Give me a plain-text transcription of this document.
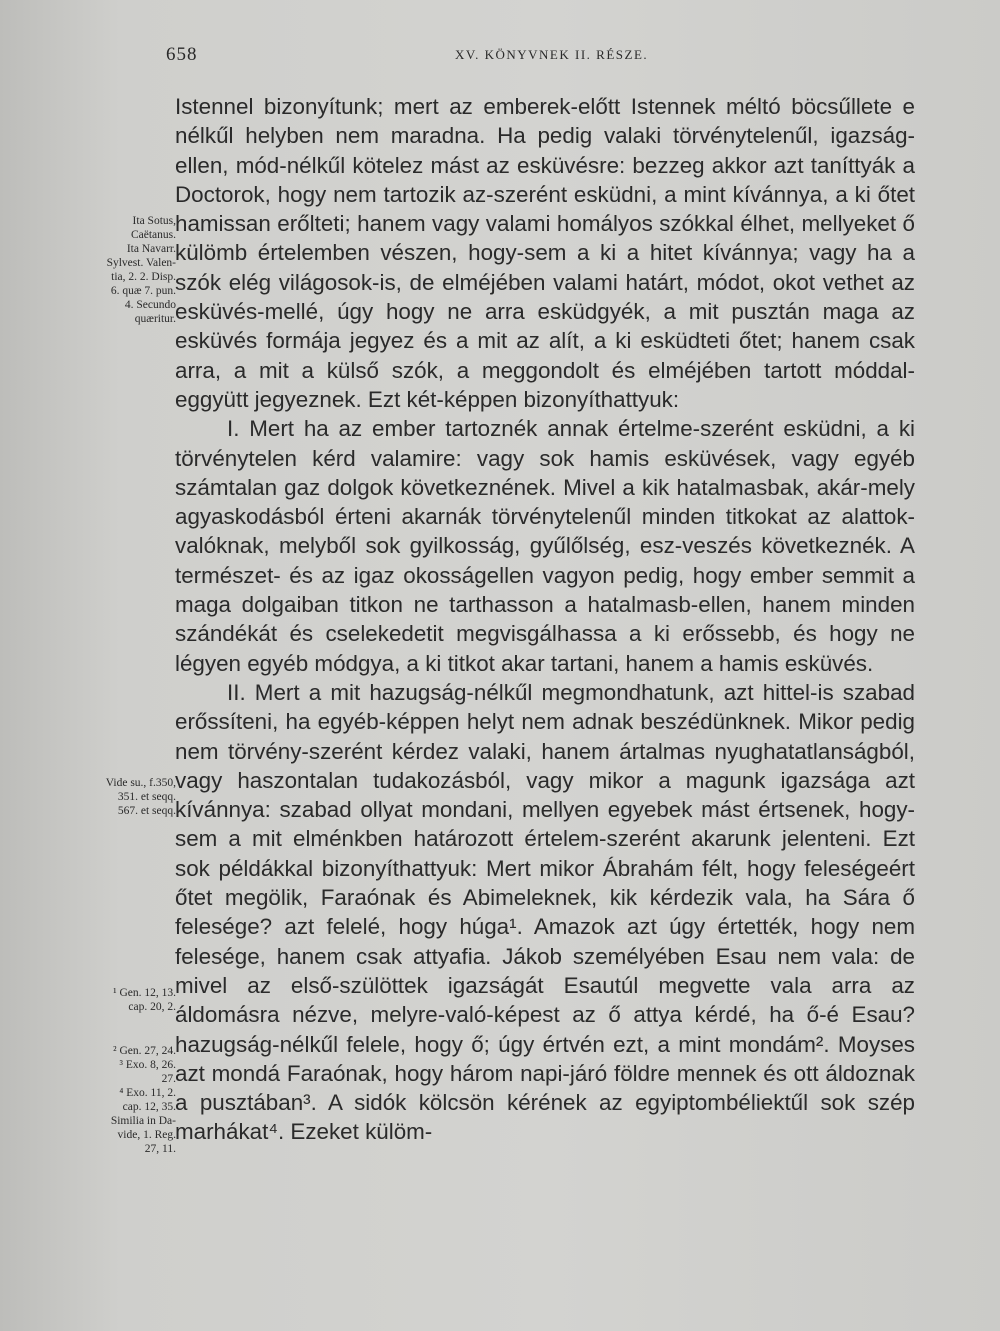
658	XV. KÖNYVNEK II. RÉSZE.

Istennel bizonyítunk; mert az emberek-előtt Istennek méltó böcsűllete e nélkűl helyben nem maradna. Ha pedig valaki törvénytelenűl, igazság-ellen, mód-nélkűl kötelez mást az esküvésre: bezzeg akkor azt taníttyák a Doctorok, hogy nem tartozik az-szerént esküdni, a mint kívánnya, a ki őtet hamissan erőlteti; hanem vagy valami homályos szókkal élhet, mellyeket ő külömb értelemben vészen, hogy-sem a ki a hitet kívánnya; vagy ha a szók elég világosok-is, de elméjében valami határt, módot, okot vethet az esküvés-mellé, úgy hogy ne arra esküdgyék, a mit pusztán maga az esküvés formája jegyez és a mit az alít, a ki esküdteti őtet; hanem csak arra, a mit a külső szók, a meggondolt és elméjében tartott móddal-eggyütt jegyeznek. Ezt két-képpen bizonyíthattyuk:

I. Mert ha az ember tartoznék annak értelme-szerént esküdni, a ki törvénytelen kérd valamire: vagy sok hamis esküvések, vagy egyéb számtalan gaz dolgok következnének. Mivel a kik hatalmasbak, akár-mely agyaskodásból érteni akarnák törvénytelenűl minden titkokat az alattok-valóknak, melyből sok gyilkosság, gyűlőlség, esz-veszés következnék. A természet- és az igaz okosságellen vagyon pedig, hogy ember semmit a maga dolgaiban titkon ne tarthasson a hatalmasb-ellen, hanem minden szándékát és cselekedetit megvisgálhassa a ki erőssebb, és hogy ne légyen egyéb módgya, a ki titkot akar tartani, hanem a hamis esküvés.

II. Mert a mit hazugság-nélkűl megmondhatunk, azt hittel-is szabad erőssíteni, ha egyéb-képpen helyt nem adnak beszédünknek. Mikor pedig nem törvény-szerént kérdez valaki, hanem ártalmas nyughatatlanságból, vagy haszontalan tudakozásból, vagy mikor a magunk igazsága azt kívánnya: szabad ollyat mondani, mellyen egyebek mást értsenek, hogy-sem a mit elménkben határozott értelem-szerént akarunk jelenteni. Ezt sok példákkal bizonyíthattyuk: Mert mikor Ábrahám félt, hogy feleségeért őtet megölik, Faraónak és Abimeleknek, kik kérdezik vala, ha Sára ő felesége? azt felelé, hogy húga¹. Amazok azt úgy értették, hogy nem felesége, hanem csak attyafia. Jákob személyében Esau nem vala: de mivel az első-szülöttek igazságát Esautúl megvette vala arra az áldomásra nézve, melyre-való-képest az ő attya kérdé, ha ő-é Esau? hazugság-nélkűl felele, hogy ő; úgy értvén ezt, a mint mondám². Moyses azt mondá Faraónak, hogy három napi-járó földre mennek és ott áldoznak a pusztában³. A sidók kölcsön kérének az egyiptombéliektűl sok szép marhákat⁴. Ezeket külöm-

Ita Sotus,
Caëtanus.
Ita Navarr.
Sylvest. Valen-
tia, 2. 2. Disp.
6. quæ 7. pun.
4. Secundo
quæritur.
Vide su., f.350,
351. et seqq.
567. et seqq.
¹ Gen. 12, 13.
cap. 20, 2.
² Gen. 27, 24.
³ Exo. 8, 26.
27.
⁴ Exo. 11, 2.
cap. 12, 35.
Similia in Da-
vide, 1. Reg.
27, 11.
